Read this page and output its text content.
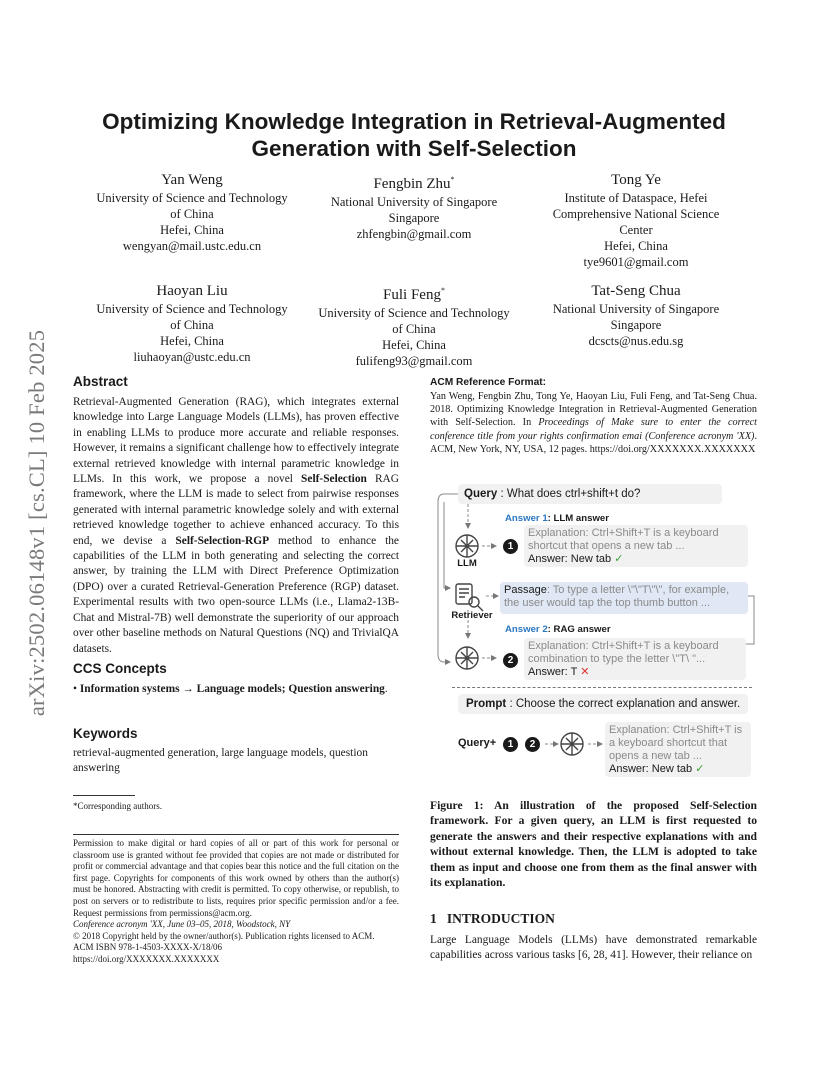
arXiv:2502.06148v1 [cs.CL] 10 Feb 2025
Optimizing Knowledge Integration in Retrieval-Augmented
Generation with Self-Selection
Yan Weng
University of Science and Technology
of China
Hefei, China
wengyan@mail.ustc.edu.cn
Fengbin Zhu*
National University of Singapore
Singapore
zhfengbin@gmail.com
Tong Ye
Institute of Dataspace, Hefei
Comprehensive National Science
Center
Hefei, China
tye9601@gmail.com
Haoyan Liu
University of Science and Technology
of China
Hefei, China
liuhaoyan@ustc.edu.cn
Fuli Feng*
University of Science and Technology
of China
Hefei, China
fulifeng93@gmail.com
Tat-Seng Chua
National University of Singapore
Singapore
dcscts@nus.edu.sg
Abstract

Retrieval-Augmented Generation (RAG), which integrates external knowledge into Large Language Models (LLMs), has proven effective in enabling LLMs to produce more accurate and reliable responses. However, it remains a significant challenge how to effectively integrate external retrieved knowledge with internal parametric knowledge in LLMs. In this work, we propose a novel Self-Selection RAG framework, where the LLM is made to select from pairwise responses generated with internal parametric knowledge solely and with external retrieved knowledge together to achieve enhanced accuracy. To this end, we devise a Self-Selection-RGP method to enhance the capabilities of the LLM in both generating and selecting the correct answer, by training the LLM with Direct Preference Optimization (DPO) over a curated Retrieval-Generation Preference (RGP) dataset. Experimental results with two open-source LLMs (i.e., Llama2-13B-Chat and Mistral-7B) well demonstrate the superiority of our approach over other baseline methods on Natural Questions (NQ) and TrivialQA datasets.

CCS Concepts

• Information systems → Language models; Question answering.

Keywords

retrieval-augmented generation, large language models, question answering

*Corresponding authors.

Permission to make digital or hard copies of all or part of this work for personal or classroom use is granted without fee provided that copies are not made or distributed for profit or commercial advantage and that copies bear this notice and the full citation on the first page. Copyrights for components of this work owned by others than the author(s) must be honored. Abstracting with credit is permitted. To copy otherwise, or republish, to post on servers or to redistribute to lists, requires prior specific permission and/or a fee. Request permissions from permissions@acm.org.

Conference acronym 'XX, June 03–05, 2018, Woodstock, NY

© 2018 Copyright held by the owner/author(s). Publication rights licensed to ACM.

ACM ISBN 978-1-4503-XXXX-X/18/06

https://doi.org/XXXXXXX.XXXXXXX

ACM Reference Format:

Yan Weng, Fengbin Zhu, Tong Ye, Haoyan Liu, Fuli Feng, and Tat-Seng Chua. 2018. Optimizing Knowledge Integration in Retrieval-Augmented Generation with Self-Selection. In Proceedings of Make sure to enter the correct conference title from your rights confirmation emai (Conference acronym 'XX). ACM, New York, NY, USA, 12 pages. https://doi.org/XXXXXXX.XXXXXXX

Query : What does ctrl+shift+t do?
Answer 1: LLM answer
1
Explanation: Ctrl+Shift+T is a keyboard shortcut that opens a new tab ...
Answer: New tab ✓
LLM
Passage: To type a letter \"\"T\"\", for example, the user would tap the top thumb button ...
Retriever
Answer 2: RAG answer
2
Explanation: Ctrl+Shift+T is a keyboard combination to type the letter \"T\ "...
Answer: T ✕
Prompt : Choose the correct explanation and answer.
Query+	1	2
Explanation: Ctrl+Shift+T is a keyboard shortcut that opens a new tab ...
Answer: New tab ✓

Figure 1: An illustration of the proposed Self-Selection framework. For a given query, an LLM is first requested to generate the answers and their respective explanations with and without external knowledge. Then, the LLM is adopted to take them as input and choose one from them as the final answer with its explanation.

1 INTRODUCTION

Large Language Models (LLMs) have demonstrated remarkable capabilities across various tasks [6, 28, 41]. However, their reliance on
